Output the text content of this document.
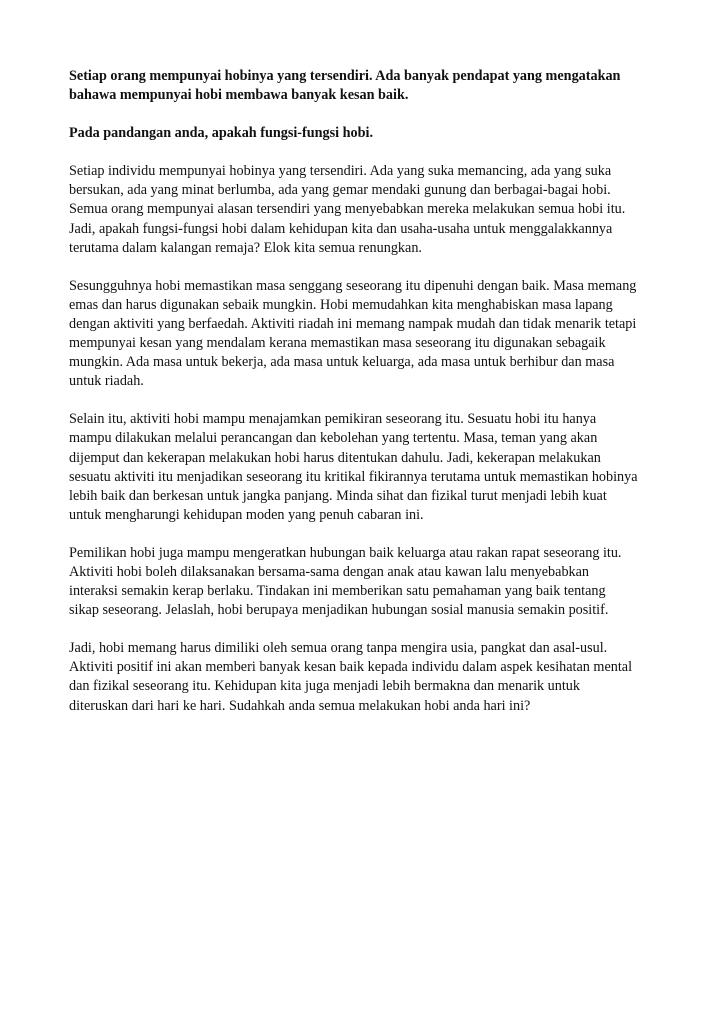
Setiap orang mempunyai hobinya yang tersendiri. Ada banyak pendapat yang mengatakan
bahawa mempunyai hobi membawa banyak kesan baik.

Pada pandangan anda, apakah fungsi-fungsi hobi.

Setiap individu mempunyai hobinya yang tersendiri. Ada yang suka memancing, ada yang suka
bersukan, ada yang minat berlumba, ada yang gemar mendaki gunung dan berbagai-bagai hobi.
Semua orang mempunyai alasan tersendiri yang menyebabkan mereka melakukan semua hobi itu.
Jadi, apakah fungsi-fungsi hobi dalam kehidupan kita dan usaha-usaha untuk menggalakkannya
terutama dalam kalangan remaja? Elok kita semua renungkan.

Sesungguhnya hobi memastikan masa senggang seseorang itu dipenuhi dengan baik. Masa memang
emas dan harus digunakan sebaik mungkin. Hobi memudahkan kita menghabiskan masa lapang
dengan aktiviti yang berfaedah. Aktiviti riadah ini memang nampak mudah dan tidak menarik tetapi
mempunyai kesan yang mendalam kerana memastikan masa seseorang itu digunakan sebagaik
mungkin. Ada masa untuk bekerja, ada masa untuk keluarga, ada masa untuk berhibur dan masa
untuk riadah.

Selain itu, aktiviti hobi mampu menajamkan pemikiran seseorang itu. Sesuatu hobi itu hanya
mampu dilakukan melalui perancangan dan kebolehan yang tertentu. Masa, teman yang akan
dijemput dan kekerapan melakukan hobi harus ditentukan dahulu. Jadi, kekerapan melakukan
sesuatu aktiviti itu menjadikan seseorang itu kritikal fikirannya terutama untuk memastikan hobinya
lebih baik dan berkesan untuk jangka panjang. Minda sihat dan fizikal turut menjadi lebih kuat
untuk mengharungi kehidupan moden yang penuh cabaran ini.

Pemilikan hobi juga mampu mengeratkan hubungan baik keluarga atau rakan rapat seseorang itu.
Aktiviti hobi boleh dilaksanakan bersama-sama dengan anak atau kawan lalu menyebabkan
interaksi semakin kerap berlaku. Tindakan ini memberikan satu pemahaman yang baik tentang
sikap seseorang. Jelaslah, hobi berupaya menjadikan hubungan sosial manusia semakin positif.

Jadi, hobi memang harus dimiliki oleh semua orang tanpa mengira usia, pangkat dan asal-usul.
Aktiviti positif ini akan memberi banyak kesan baik kepada individu dalam aspek kesihatan mental
dan fizikal seseorang itu. Kehidupan kita juga menjadi lebih bermakna dan menarik untuk
diteruskan dari hari ke hari. Sudahkah anda semua melakukan hobi anda hari ini?
